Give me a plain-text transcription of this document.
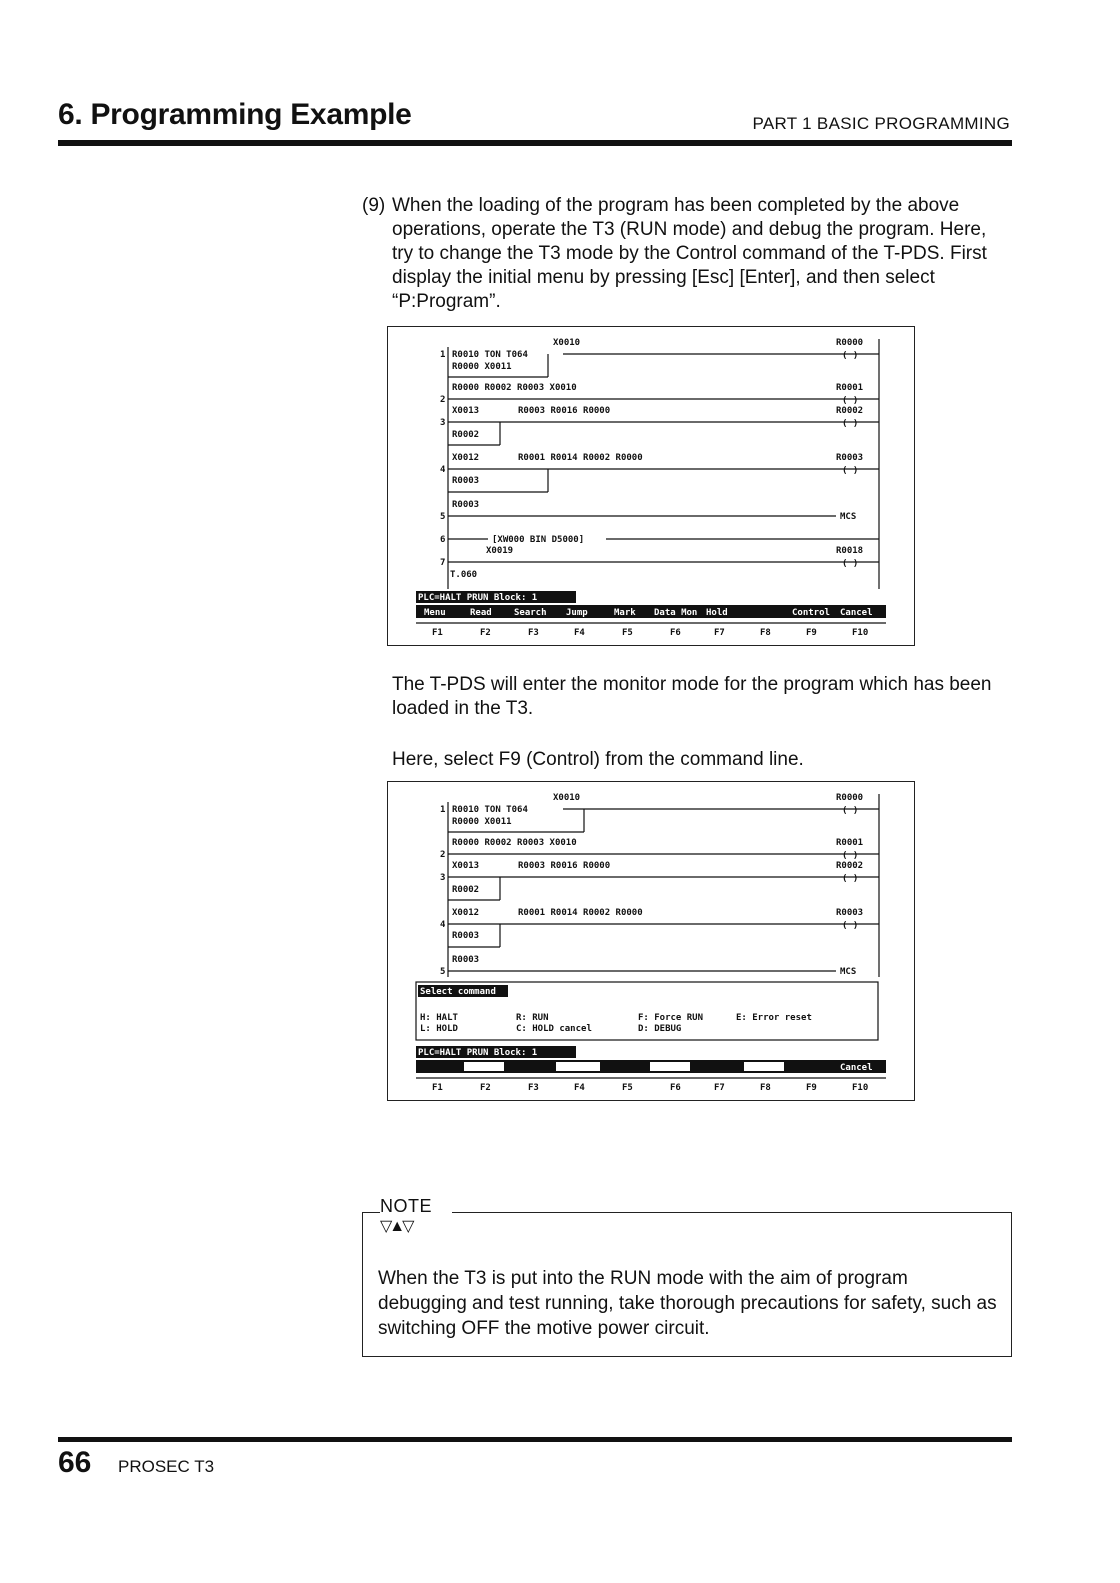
6. Programming Example	PART 1 BASIC PROGRAMMING
(9) When the loading of the program has been completed by the above operations, operate the T3 (RUN mode) and debug the program. Here, try to change the T3 mode by the Control command of the T-PDS. First display the initial menu by pressing [Esc] [Enter], and then select “P:Program”.
X0010	R0000
1 R0010 TON T064
R0000 X0011
( )
R0000 R0002 R0003 X0010	R0001
2	( )
X0013	R0003 R0016 R0000	R0002
3	( )
R0002
X0012	R0001 R0014 R0002 R0000	R0003
4	( )
R0003
R0003
5	MCS
6	[XW000 BIN D5000]
X0019	R0018
7	( )
T.060
PLC=HALT PRUN Block: 1
Menu	Read Search Jump	Mark Data Mon Hold	Control Cancel
F1	F2	F3	F4	F5	F6	F7	F8	F9	F10
The T-PDS will enter the monitor mode for the program which has been loaded in the T3.
Here, select F9 (Control) from the command line.
X0010	R0000
1 R0010 TON T064	( )
R0000 X0011
R0000 R0002 R0003 X0010	R0001
2	( )
X0013	R0003 R0016 R0000	R0002
3	( )
R0002
X0012	R0001 R0014 R0002 R0000	R0003
4	( )
R0003
R0003
5	MCS
Select command
H: HALT	R: RUN	F: Force RUN	E: Error reset
L: HOLD	C: HOLD cancel	D: DEBUG
PLC=HALT PRUN Block: 1
Cancel
F1	F2	F3	F4	F5	F6	F7	F8	F9	F10
NOTE
▽▲▽
When the T3 is put into the RUN mode with the aim of program debugging and test running, take thorough precautions for safety, such as switching OFF the motive power circuit.
66 PROSEC T3
